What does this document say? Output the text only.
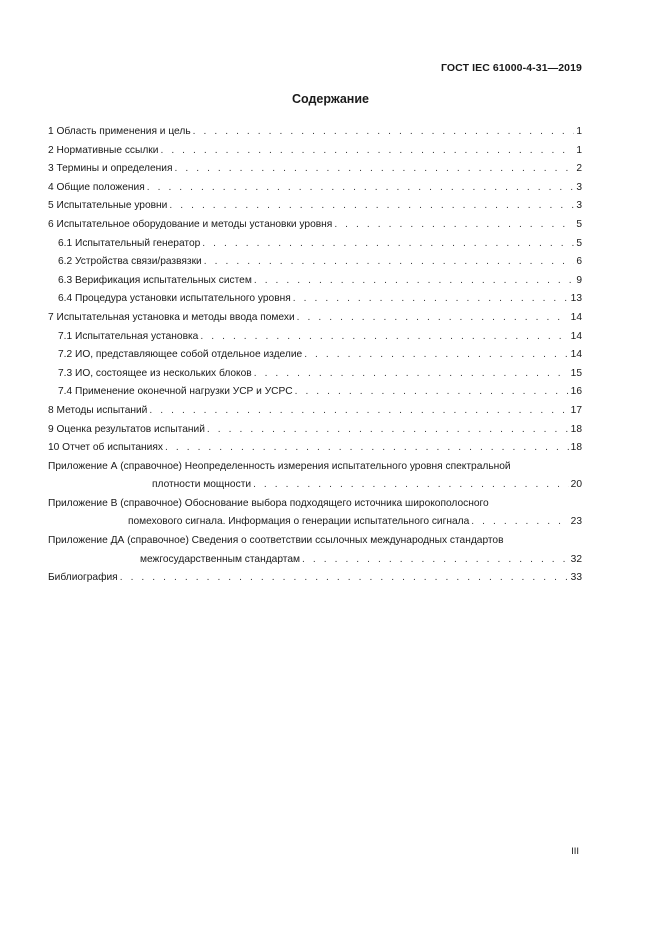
ГОСТ IEC 61000-4-31—2019
Содержание
1 Область применения и цель . . .	1
2 Нормативные ссылки . . .	1
3 Термины и определения . . .	2
4 Общие положения . . .	3
5 Испытательные уровни . . .	3
6 Испытательное оборудование и методы установки уровня . . .	5
6.1 Испытательный генератор . . .	5
6.2 Устройства связи/развязки . . .	6
6.3 Верификация испытательных систем . . .	9
6.4 Процедура установки испытательного уровня . . .	13
7 Испытательная установка и методы ввода помехи . . .	14
7.1 Испытательная установка . . .	14
7.2 ИО, представляющее собой отдельное изделие . . .	14
7.3 ИО, состоящее из нескольких блоков . . .	15
7.4 Применение оконечной нагрузки УСР и УСРС . . .	16
8 Методы испытаний . . .	17
9 Оценка результатов испытаний . . .	18
10 Отчет об испытаниях . . .	18
Приложение А (справочное) Неопределенность измерения испытательного уровня спектральной
плотности мощности . . .	20
Приложение В (справочное) Обоснование выбора подходящего источника широкополосного
помехового сигнала. Информация о генерации испытательного сигнала . . .	23
Приложение ДА (справочное) Сведения о соответствии ссылочных международных стандартов
межгосударственным стандартам . . .	32
Библиография . . .	33
III
